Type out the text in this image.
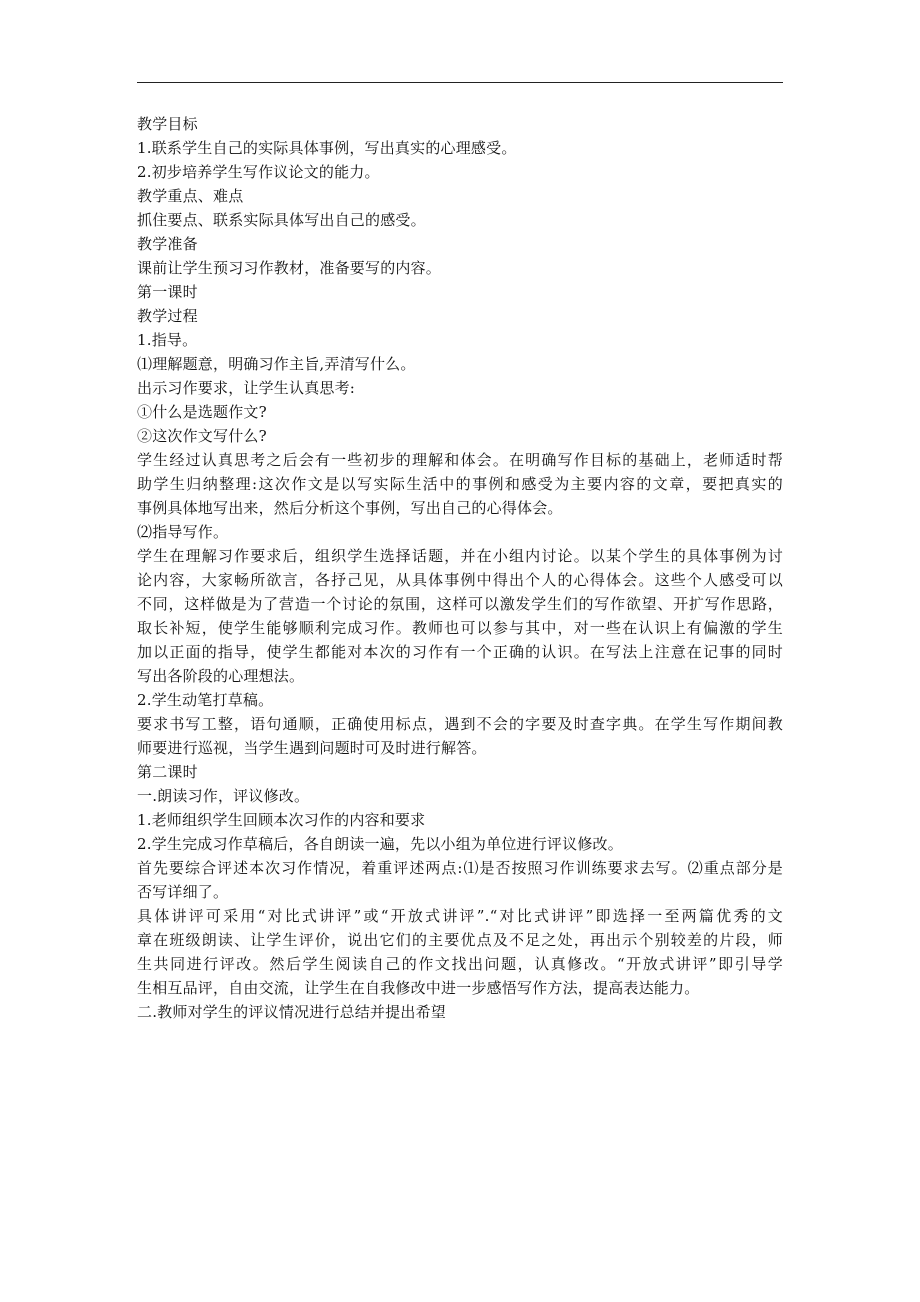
教学目标
1.联系学生自己的实际具体事例，写出真实的心理感受。
2.初步培养学生写作议论文的能力。
教学重点、难点
抓住要点、联系实际具体写出自己的感受。
教学准备
课前让学生预习习作教材，准备要写的内容。
第一课时
教学过程
1.指导。
⑴理解题意，明确习作主旨,弄清写什么。
出示习作要求，让学生认真思考:
①什么是选题作文?
②这次作文写什么?
学生经过认真思考之后会有一些初步的理解和体会。在明确写作目标的基础上，老师适时帮
助学生归纳整理:这次作文是以写实际生活中的事例和感受为主要内容的文章，要把真实的
事例具体地写出来，然后分析这个事例，写出自己的心得体会。
⑵指导写作。
学生在理解习作要求后，组织学生选择话题，并在小组内讨论。以某个学生的具体事例为讨
论内容，大家畅所欲言，各抒己见，从具体事例中得出个人的心得体会。这些个人感受可以
不同，这样做是为了营造一个讨论的氛围，这样可以激发学生们的写作欲望、开扩写作思路，
取长补短，使学生能够顺利完成习作。教师也可以参与其中，对一些在认识上有偏激的学生
加以正面的指导，使学生都能对本次的习作有一个正确的认识。在写法上注意在记事的同时
写出各阶段的心理想法。
2.学生动笔打草稿。
要求书写工整，语句通顺，正确使用标点，遇到不会的字要及时查字典。在学生写作期间教
师要进行巡视，当学生遇到问题时可及时进行解答。
第二课时
一.朗读习作，评议修改。
1.老师组织学生回顾本次习作的内容和要求
2.学生完成习作草稿后，各自朗读一遍，先以小组为单位进行评议修改。
首先要综合评述本次习作情况，着重评述两点:⑴是否按照习作训练要求去写。⑵重点部分是
否写详细了。
具体讲评可采用“对比式讲评”或“开放式讲评”.“对比式讲评”即选择一至两篇优秀的文
章在班级朗读、让学生评价，说出它们的主要优点及不足之处，再出示个别较差的片段，师
生共同进行评改。然后学生阅读自己的作文找出问题，认真修改。“开放式讲评”即引导学
生相互品评，自由交流，让学生在自我修改中进一步感悟写作方法，提高表达能力。
二.教师对学生的评议情况进行总结并提出希望
